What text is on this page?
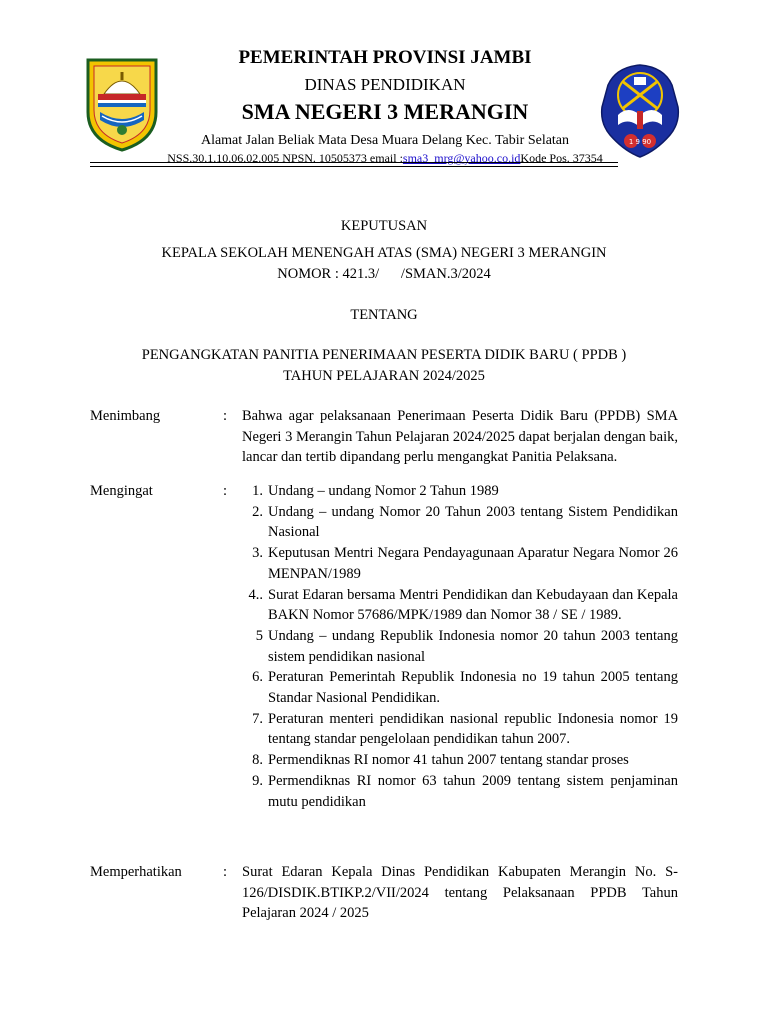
1 9 90
PEMERINTAH PROVINSI JAMBI
DINAS PENDIDIKAN
SMA NEGERI 3 MERANGIN
Alamat Jalan Beliak Mata Desa Muara Delang Kec. Tabir Selatan
NSS.30.1.10.06.02.005 NPSN. 10505373 email :sma3_mrg@yahoo.co.idKode Pos. 37354
KEPUTUSAN
KEPALA SEKOLAH MENENGAH ATAS (SMA) NEGERI 3 MERANGIN
NOMOR : 421.3/      /SMAN.3/2024
TENTANG
PENGANGKATAN PANITIA PENERIMAAN PESERTA DIDIK BARU ( PPDB )
TAHUN PELAJARAN 2024/2025
Menimbang	: Bahwa agar pelaksanaan Penerimaan Peserta Didik Baru (PPDB) SMA Negeri 3 Merangin Tahun Pelajaran 2024/2025 dapat berjalan dengan baik, lancar dan tertib dipandang perlu mengangkat Panitia Pelaksana.
Mengingat	:	1. Undang – undang Nomor 2 Tahun 1989
2. Undang – undang Nomor 20 Tahun 2003 tentang Sistem Pendidikan Nasional
3. Keputusan Mentri Negara Pendayagunaan Aparatur Negara Nomor 26 MENPAN/1989
4.. Surat Edaran bersama Mentri Pendidikan dan Kebudayaan dan Kepala BAKN Nomor 57686/MPK/1989 dan Nomor 38 / SE / 1989.
5 Undang – undang Republik Indonesia nomor 20 tahun 2003 tentang sistem pendidikan nasional
6. Peraturan Pemerintah Republik Indonesia no 19 tahun 2005 tentang Standar Nasional Pendidikan.
7. Peraturan menteri pendidikan nasional republic Indonesia nomor 19 tentang standar pengelolaan pendidikan tahun 2007.
8. Permendiknas RI nomor 41 tahun 2007 tentang standar proses
9. Permendiknas RI nomor 63 tahun 2009 tentang sistem penjaminan mutu pendidikan
Memperhatikan	: Surat Edaran Kepala Dinas Pendidikan Kabupaten Merangin No. S-126/DISDIK.BTIKP.2/VII/2024 tentang Pelaksanaan PPDB Tahun Pelajaran 2024 / 2025
